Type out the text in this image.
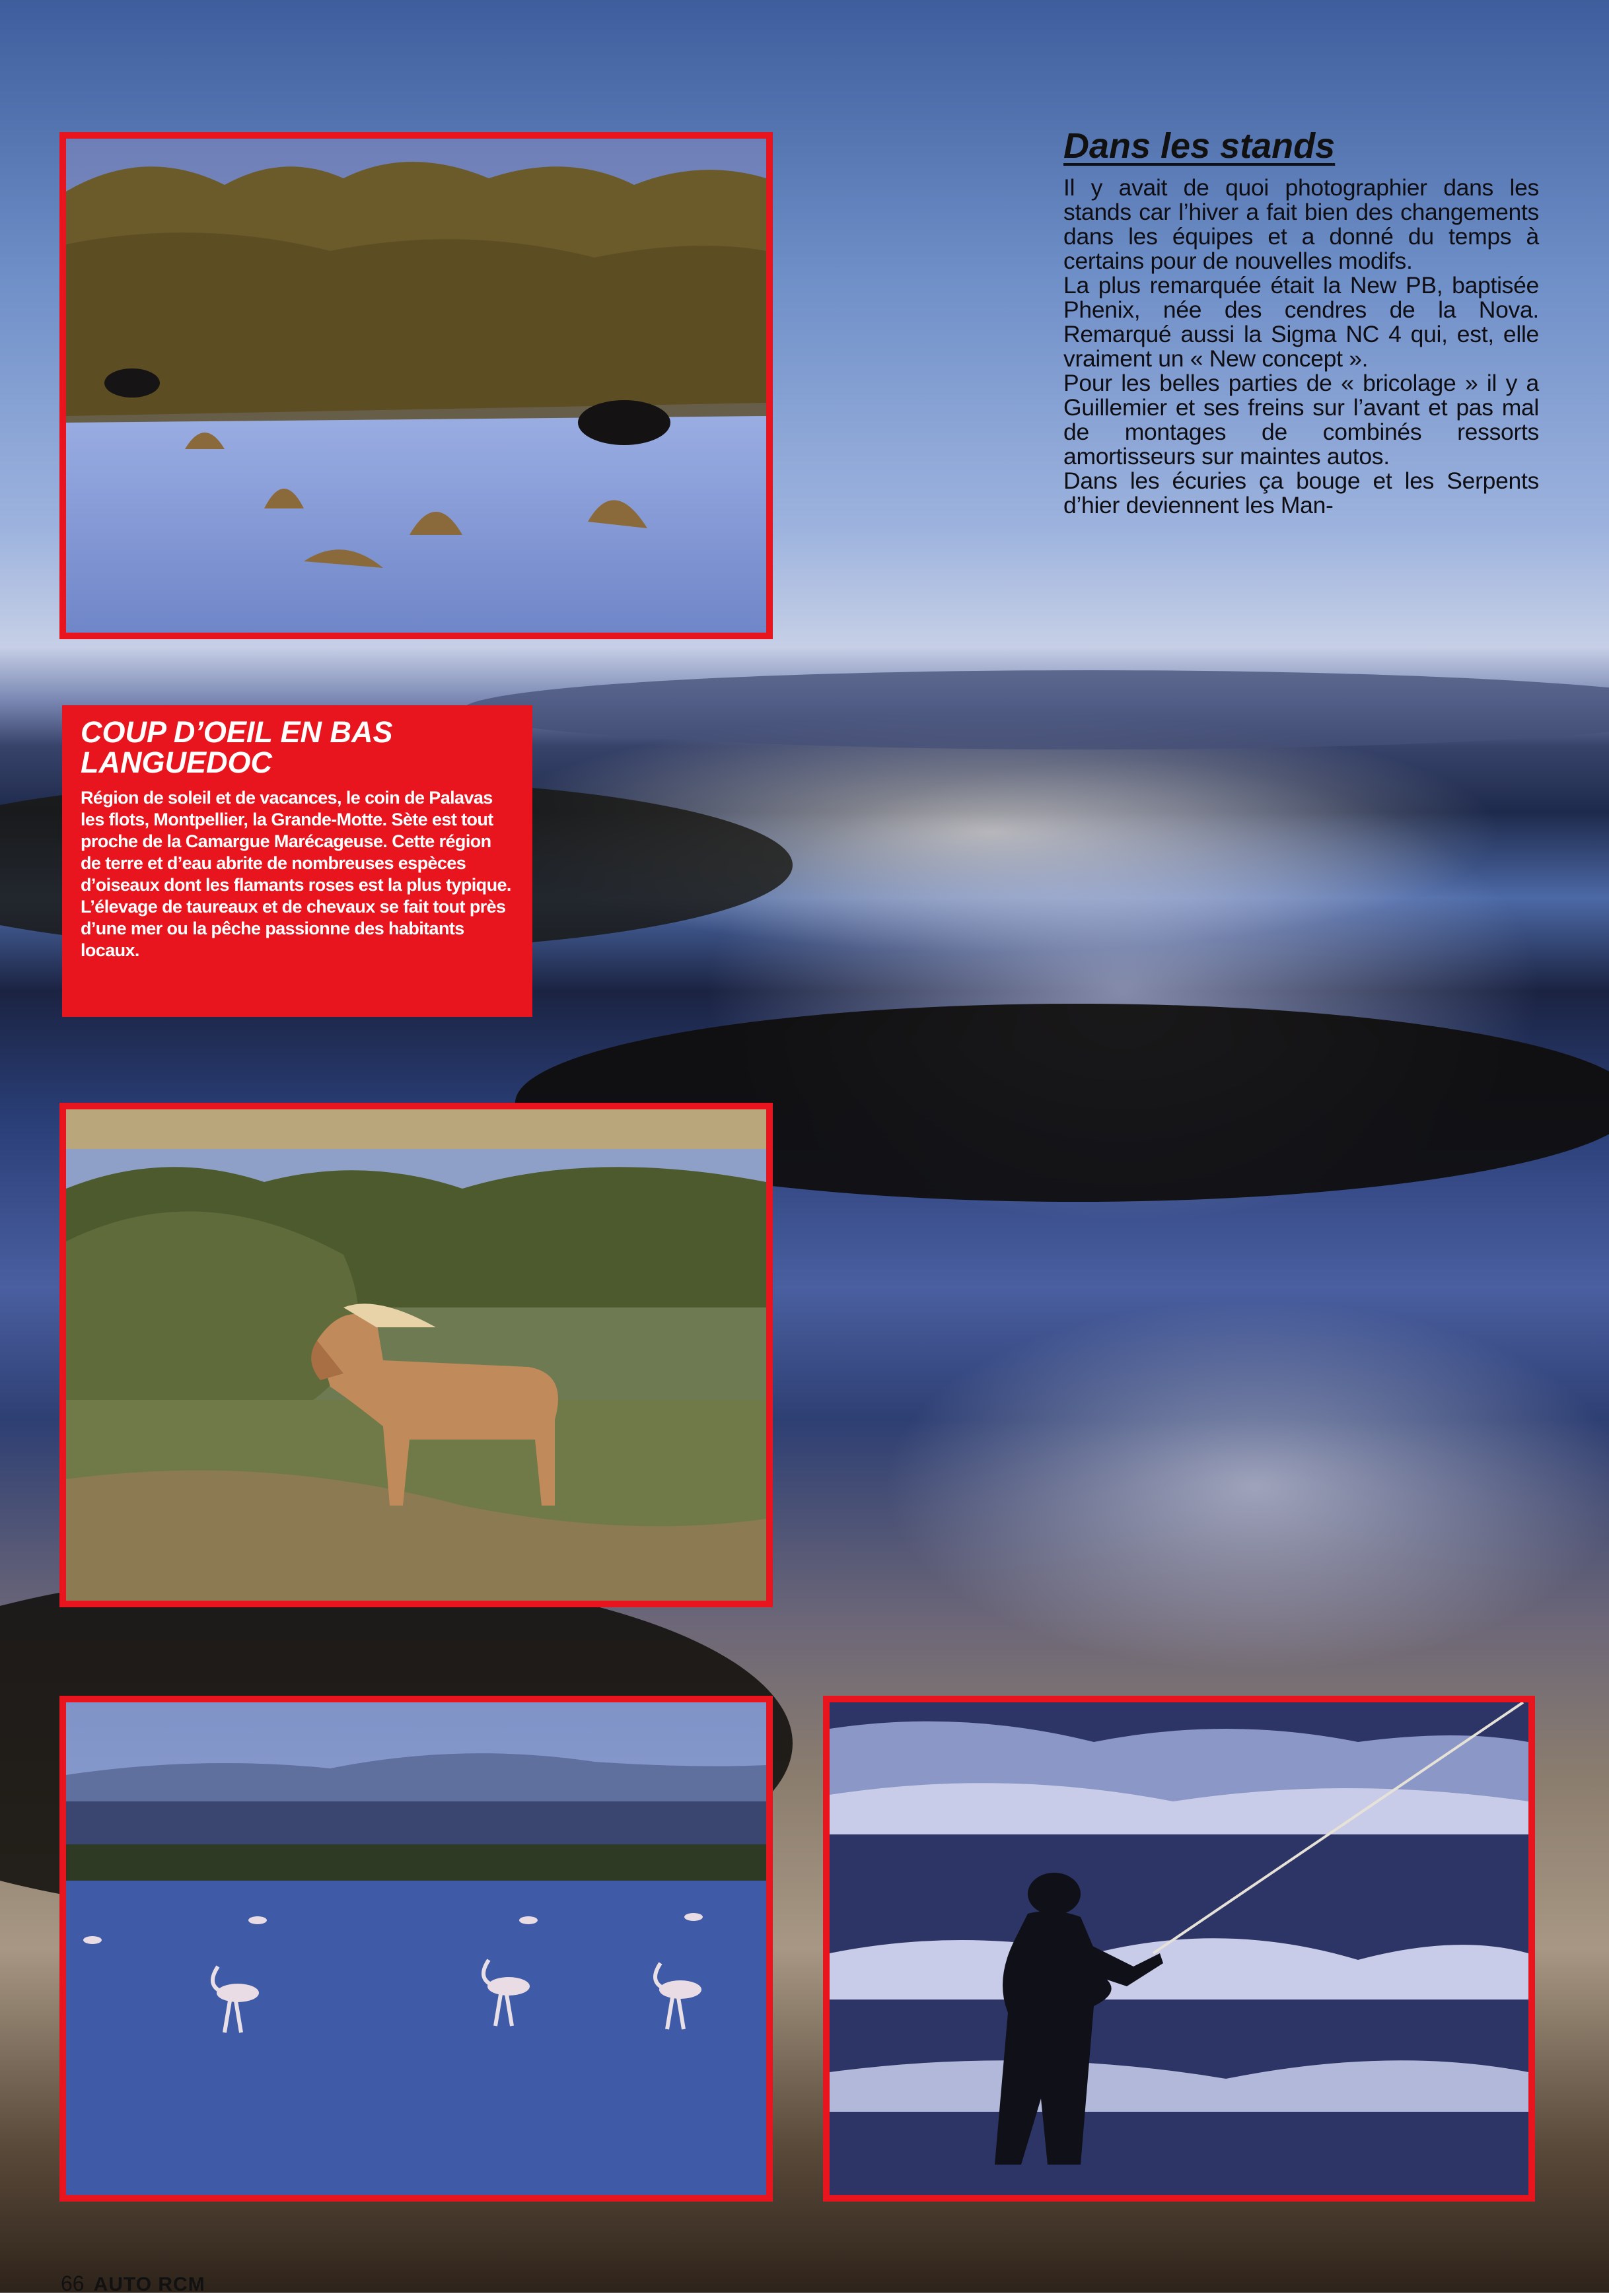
Dans les stands

Il y avait de quoi photographier dans les stands car l’hiver a fait bien des changements dans les équipes et a donné du temps à certains pour de nouvelles modifs.

La plus remarquée était la New PB, baptisée Phenix, née des cendres de la Nova. Remarqué aussi la Sigma NC 4 qui, est, elle vraiment un « New concept ».

Pour les belles parties de « bricolage » il y a Guillemier et ses freins sur l’avant et pas mal de montages de combinés ressorts amortisseurs sur maintes autos.

Dans les écuries ça bouge et les Serpents d’hier deviennent les Man-

COUP D’OEIL EN BAS LANGUEDOC

Région de soleil et de vacances, le coin de Palavas les flots, Montpellier, la Grande-Motte. Sète est tout proche de la Camargue Marécageuse. Cette région de terre et d’eau abrite de nombreuses espèces d’oiseaux dont les flamants roses est la plus typique. L’élevage de taureaux et de chevaux se fait tout près d’une mer ou la pêche passionne des habitants locaux.

66 AUTO RCM
